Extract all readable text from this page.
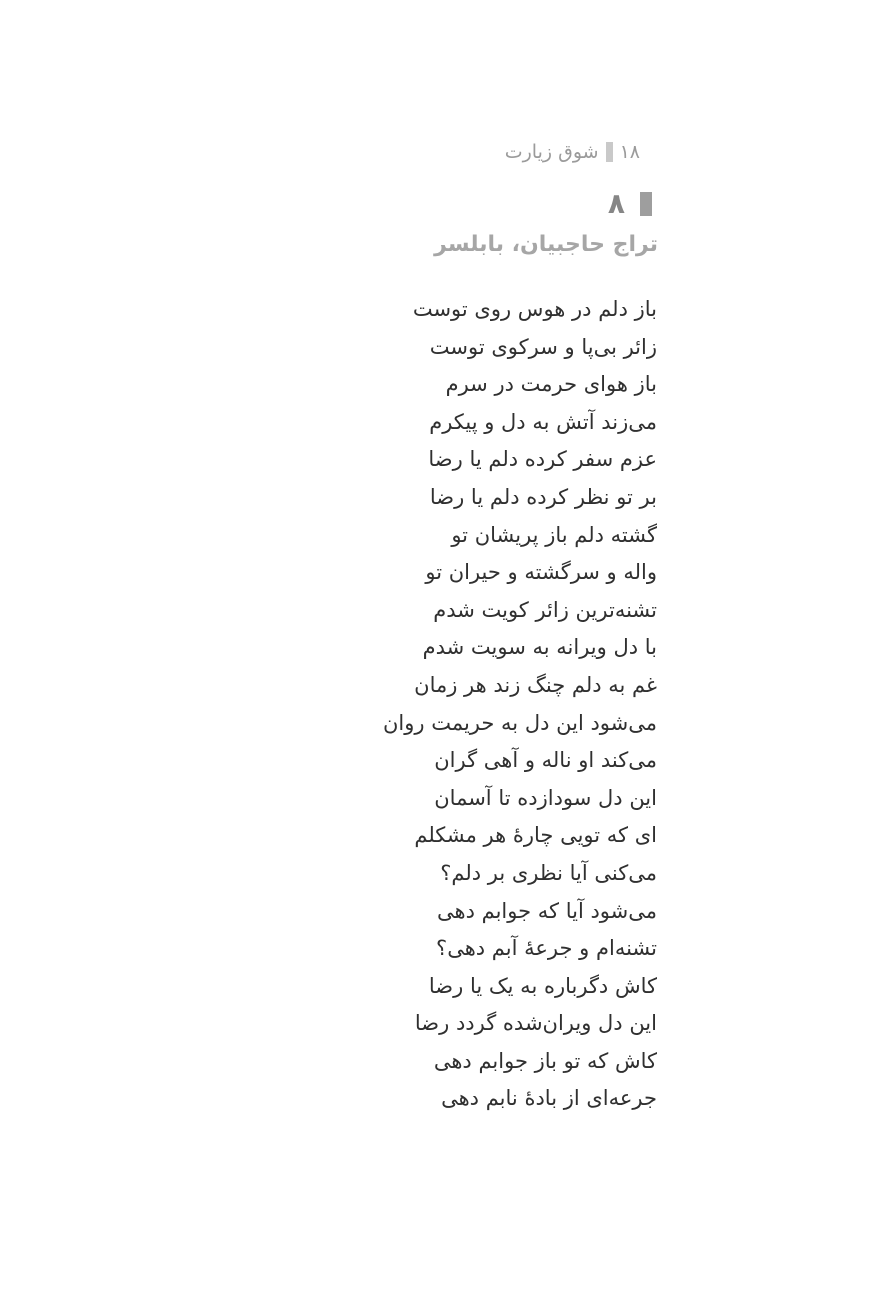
۱۸
شوق زیارت
۸
تراج حاجبیان، بابلسر
باز دلم در هوس روی توست
زائر بی‌پا و سرکوی توست
باز هوای حرمت در سرم
می‌زند آتش به دل و پیکرم
عزم سفر کرده دلم یا رضا
بر تو نظر کرده دلم یا رضا
گشته دلم باز پریشان تو
واله و سرگشته و حیران تو
تشنه‌ترین زائر کویت شدم
با دل ویرانه به سویت شدم
غم به دلم چنگ زند هر زمان
می‌شود این دل به حریمت روان
می‌کند او ناله و آهی گران
این دل سودازده تا آسمان
ای که تویی چارهٔ هر مشکلم
می‌کنی آیا نظری بر دلم؟
می‌شود آیا که جوابم دهی
تشنه‌ام و جرعهٔ آبم دهی؟
کاش دگرباره به یک یا رضا
این دل ویران‌شده گردد رضا
کاش که تو باز جوابم دهی
جرعه‌ای از بادهٔ نابم دهی
